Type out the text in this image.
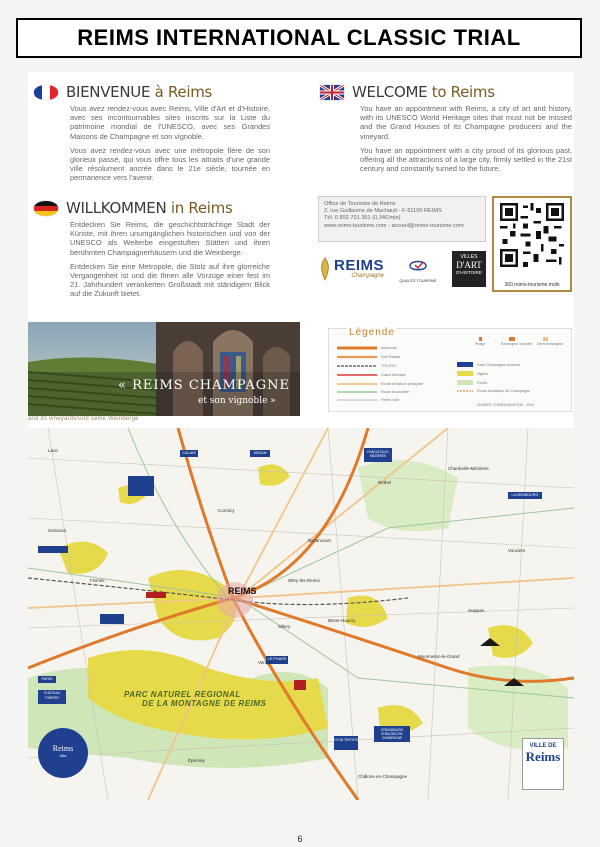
REIMS INTERNATIONAL CLASSIC TRIAL
BIENVENUE à Reims

Vous avez rendez-vous avec Reims, Ville d'Art et d'Histoire, avec ses incontournables sites inscrits sur la Liste du patrimoine mondial de l'UNESCO, avec ses Grandes Maisons de Champagne et son vignoble.

Vous avez rendez-vous avec une métropole fière de son glorieux passé, qui vous offre tous les attraits d'une grande ville résolument ancrée dans le 21e siècle, tournée en permanence vers l'avenir.

WELCOME to Reims

You have an appointment with Reims, a city of art and history, with its UNESCO World Heritage sites that must not be missed and the Grand Houses of its Champagne producers and the vineyard.

You have an appointment with a city proud of its glorious past, offering all the attractions of a large city, firmly settled in the 21st century and constantly turned to the future.

WILLKOMMEN in Reims

Entdecken Sie Reims, die geschichtsträchtige Stadt der Künste, mit ihren unumgänglichen historischen und von der UNESCO als Welterbe eingestuften Stätten und ihren berühmten Champagnerhäusern und die Weinberge.

Entdecken Sie eine Metropole, die Stolz auf ihre glorreiche Vergangenheit ist und die Ihnen alle Vorzüge einer fest im 21. Jahrhundert verankerten Großstadt mit ständigem Blick auf die Zukunft bietet.

Office de Tourisme de Reims
2, rue Guillaume de Machault - F-51100 REIMS
Tél. 0 892 701 351 (0,34€/min)
www.reims-tourisme.com - accueil@reims-tourisme.com
360.reims-tourisme.mobi
REIMS
Champagne
QUALITÉ TOURISME
VILLES
D'ART
D'HISTOIRE
« REIMS CHAMPAGNE
et son vignoble »
Légende
Autoroute
Voie Rapide
TGV EST
Grand itinéraire
Route de liaison principale
Route secondaire
Petite route
Gare Champagne-Ardenne
Vignes
Forêts
Route touristique du Champagne
Péage	Échangeur complet Demi échangeur
LEADER COMMUNICATION - 2011
and its vineyards/und seine Weinberge
REIMS
PARC NATUREL REGIONAL
DE LA MONTAGNE DE REIMS
Charleville-Mézières
Rethel
Laon
Soissons
Épernay
Châlons-en-Champagne
Fismes
Cormicy
Suippes
Mourmelon-le-Grand
Vouziers
Bazancourt
Witry-lès-Reims
Beine-Nauroy
Sillery
Verzy
CALAIS	SEDAN	CHARLEVILLE-MÉZIÈRES
LUXEMBOURG
PARIS
CHÂTEAU THIERRY
STRASBOURG CHÂLONS-EN-CHAMPAGNE
LYON TROYES
LE PHARE
Reims
ville
VILLE DE
Reims
6
